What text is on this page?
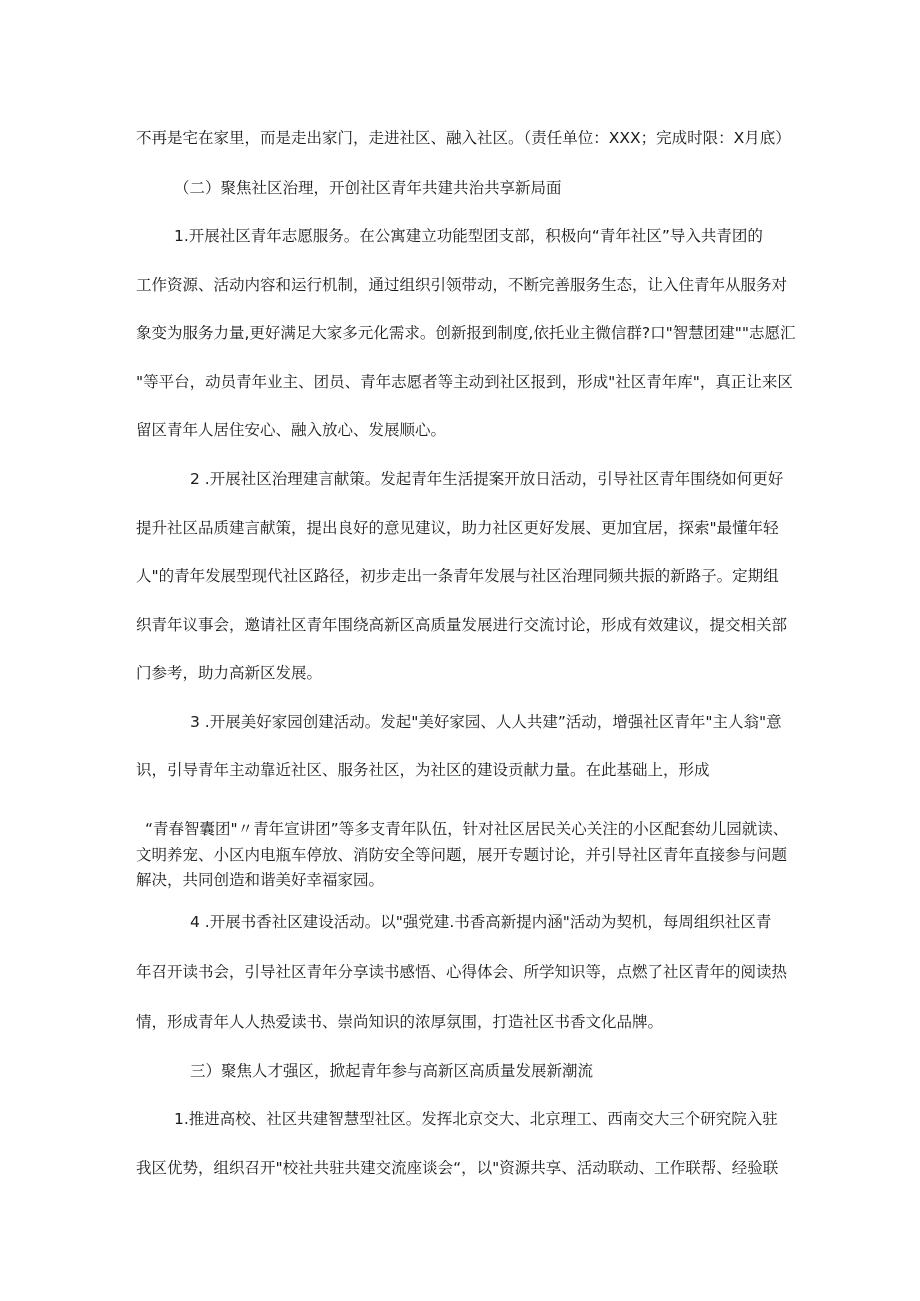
不再是宅在家里，而是走出家门，走进社区、融入社区。（责任单位：XXX；完成时限：X月底）
（二）聚焦社区治理，开创社区青年共建共治共享新局面
1.开展社区青年志愿服务。在公寓建立功能型团支部，积极向“青年社区”导入共青团的
工作资源、活动内容和运行机制，通过组织引领带动，不断完善服务生态，让入住青年从服务对
象变为服务力量,更好满足大家多元化需求。创新报到制度,依托业主微信群?口"智慧团建""志愿汇
"等平台，动员青年业主、团员、青年志愿者等主动到社区报到，形成"社区青年库"，真正让来区
留区青年人居住安心、融入放心、发展顺心。
2 .开展社区治理建言献策。发起青年生活提案开放日活动，引导社区青年围绕如何更好
提升社区品质建言献策，提出良好的意见建议，助力社区更好发展、更加宜居，探索"最懂年轻
人"的青年发展型现代社区路径，初步走出一条青年发展与社区治理同频共振的新路子。定期组
织青年议事会，邀请社区青年围绕高新区高质量发展进行交流讨论，形成有效建议，提交相关部
门参考，助力高新区发展。
3 .开展美好家园创建活动。发起"美好家园、人人共建”活动，增强社区青年"主人翁"意
识，引导青年主动靠近社区、服务社区，为社区的建设贡献力量。在此基础上，形成
“青春智囊团"〃青年宣讲团”等多支青年队伍，针对社区居民关心关注的小区配套幼儿园就读、
文明养宠、小区内电瓶车停放、消防安全等问题，展开专题讨论，并引导社区青年直接参与问题
解决，共同创造和谐美好幸福家园。
4 .开展书香社区建设活动。以"强党建.书香高新提内涵"活动为契机，每周组织社区青
年召开读书会，引导社区青年分享读书感悟、心得体会、所学知识等，点燃了社区青年的阅读热
情，形成青年人人热爱读书、崇尚知识的浓厚氛围，打造社区书香文化品牌。
三）聚焦人才强区，掀起青年参与高新区高质量发展新潮流
1.推进高校、社区共建智慧型社区。发挥北京交大、北京理工、西南交大三个研究院入驻
我区优势，组织召开"校社共驻共建交流座谈会“，以"资源共享、活动联动、工作联帮、经验联
